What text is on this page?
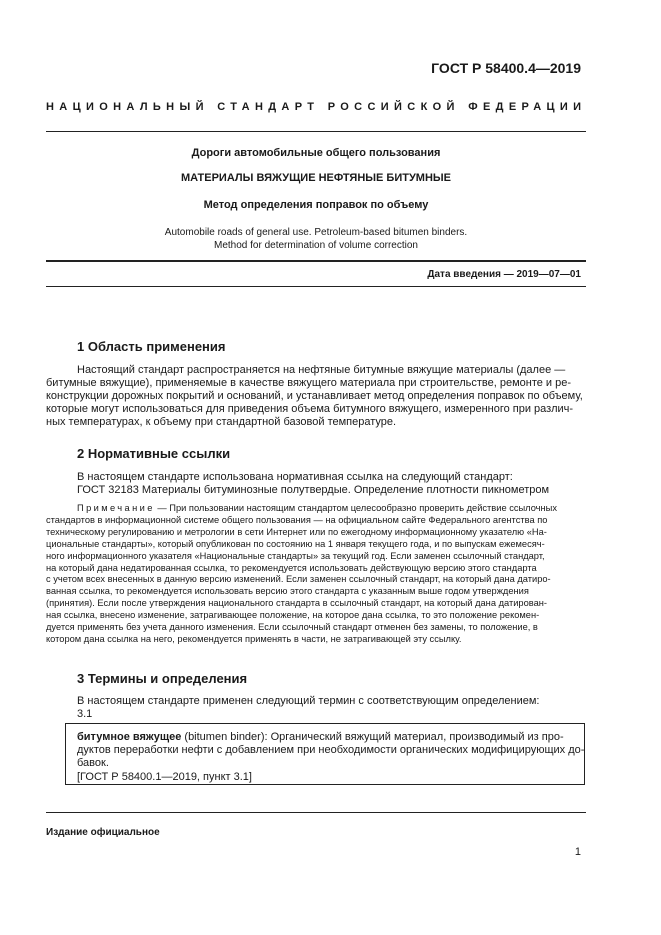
ГОСТ Р 58400.4—2019
НАЦИОНАЛЬНЫЙ СТАНДАРТ РОССИЙСКОЙ ФЕДЕРАЦИИ
Дороги автомобильные общего пользования
МАТЕРИАЛЫ ВЯЖУЩИЕ НЕФТЯНЫЕ БИТУМНЫЕ
Метод определения поправок по объему
Automobile roads of general use. Petroleum-based bitumen binders.
Method for determination of volume correction
Дата введения — 2019—07—01
1 Область применения
Настоящий стандарт распространяется на нефтяные битумные вяжущие материалы (далее —
битумные вяжущие), применяемые в качестве вяжущего материала при строительстве, ремонте и ре-
конструкции дорожных покрытий и оснований, и устанавливает метод определения поправок по объему,
которые могут использоваться для приведения объема битумного вяжущего, измеренного при различ-
ных температурах, к объему при стандартной базовой температуре.
2 Нормативные ссылки
В настоящем стандарте использована нормативная ссылка на следующий стандарт:
ГОСТ 32183 Материалы битуминозные полутвердые. Определение плотности пикнометром
Примечание — При пользовании настоящим стандартом целесообразно проверить действие ссылочных
стандартов в информационной системе общего пользования — на официальном сайте Федерального агентства по
техническому регулированию и метрологии в сети Интернет или по ежегодному информационному указателю «На-
циональные стандарты», который опубликован по состоянию на 1 января текущего года, и по выпускам ежемесяч-
ного информационного указателя «Национальные стандарты» за текущий год. Если заменен ссылочный стандарт,
на который дана недатированная ссылка, то рекомендуется использовать действующую версию этого стандарта
с учетом всех внесенных в данную версию изменений. Если заменен ссылочный стандарт, на который дана датиро-
ванная ссылка, то рекомендуется использовать версию этого стандарта с указанным выше годом утверждения
(принятия). Если после утверждения национального стандарта в ссылочный стандарт, на который дана датирован-
ная ссылка, внесено изменение, затрагивающее положение, на которое дана ссылка, то это положение рекомен-
дуется применять без учета данного изменения. Если ссылочный стандарт отменен без замены, то положение, в
котором дана ссылка на него, рекомендуется применять в части, не затрагивающей эту ссылку.
3 Термины и определения
В настоящем стандарте применен следующий термин с соответствующим определением:
3.1
битумное вяжущее (bitumen binder): Органический вяжущий материал, производимый из про-
дуктов переработки нефти с добавлением при необходимости органических модифицирующих до-
бавок.
[ГОСТ Р 58400.1—2019, пункт 3.1]
Издание официальное
1
